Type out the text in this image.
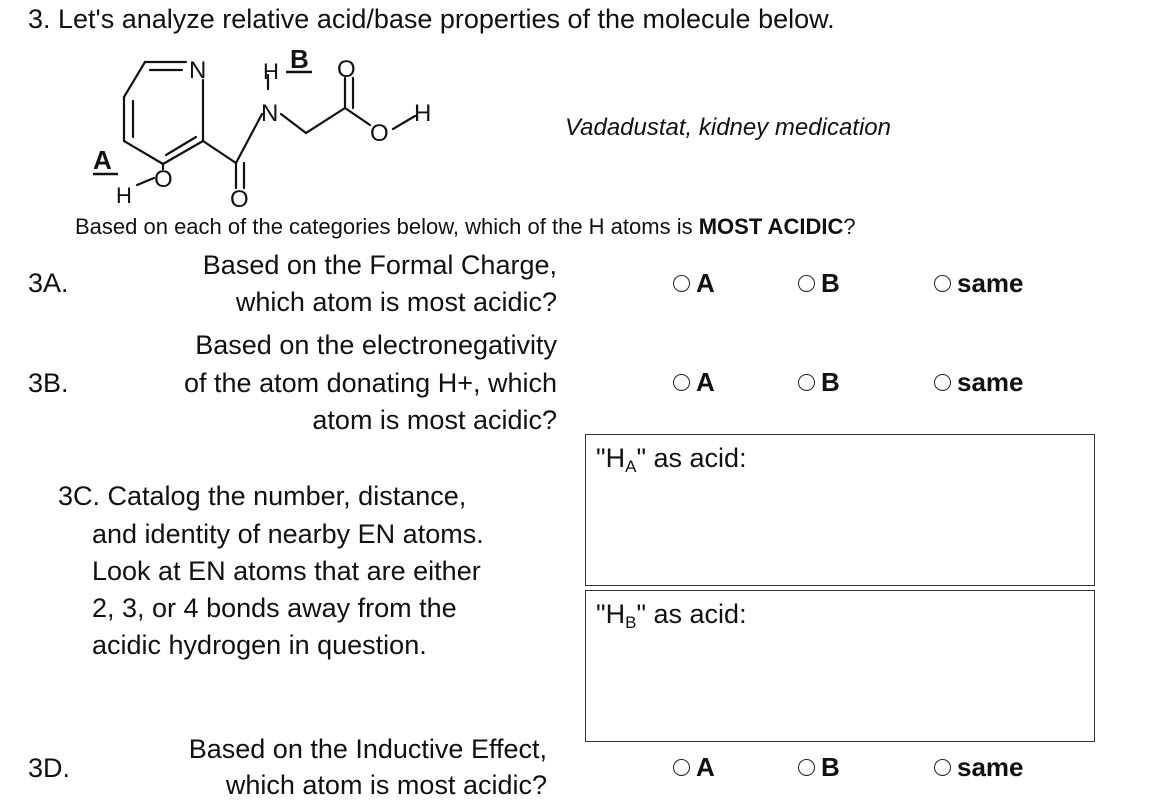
3. Let's analyze relative acid/base properties of the molecule below.
N	H B
N
O
O
H
O
A
O
H
Vadadustat, kidney medication
Based on each of the categories below, which of the H atoms is MOST ACIDIC?
3A.
Based on the Formal Charge,
which atom is most acidic?
A	B	same
3B.
Based on the electronegativity
of the atom donating H+, which
atom is most acidic?
A	B	same
3C. Catalog the number, distance,
and identity of nearby EN atoms.
Look at EN atoms that are either
2, 3, or 4 bonds away from the
acidic hydrogen in question.
"$H_A$" as acid:
"$H_B$" as acid:
3D.
Based on the Inductive Effect,
which atom is most acidic?
A	B	same
